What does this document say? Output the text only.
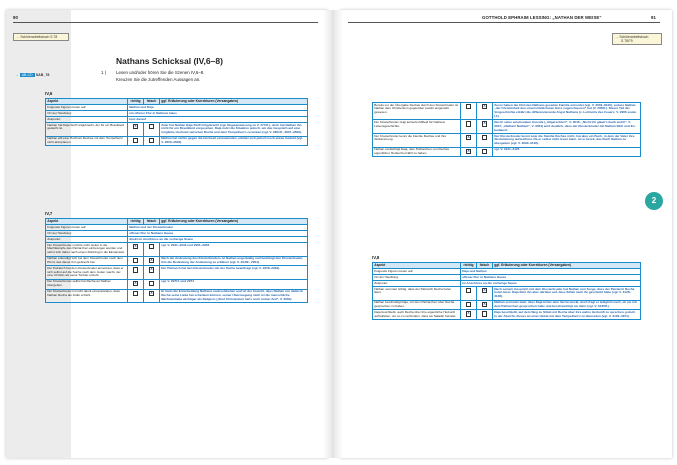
90	GOTTHOLD EPHRAIM LESSING: „NATHAN DER WEISE“	91
→ Schülerarbeitsbuch S.78	→ Schülerarbeitsbuch
S.78/79
→ AB-CD SAB_78
Nathans Schicksal (IV,6–8)
1 | Lesen und/oder hören Sie die Szenen IV,6–8.
Kreuzen Sie die zutreffenden Aussagen an.
IV,6
Aspekt	richtig	falsch	ggf. Erläuterung oder Korrekturen (Versangaben)
Folgende Figuren treten auf:	Nathan und Daja		
Ort der Handlung:	ein offener Flur in Nathans Haus		
Zeitpunkt:	kurz darauf		
Nathan hat Daja Stoff mitgebracht, der für ein Brautkleid gedacht ist.	X		Zwar hat Nathan Daja Stoff mitgebracht (vgl. Regieanweisung zu V. 2774f.), doch hat Nathan ihn nicht für ein Brautkleid vorgesehen. Daja nutzt die Situation jedoch, um das Gespräch auf eine mögliche Hochzeit zwischen Recha und dem Tempelherrn zu lenken (vgl. V. 2801ff., 2807–2809).
Nathan will eine Hochzeit Rechas mit dem Tempelherrn nicht akzeptieren.			Nathan hat nichts gegen die Hochzeit einzuwenden, erbittet sich jedoch noch etwas Geduld (vgl. V. 2809–2820).
IV,7
Aspekt	richtig	falsch	ggf. Erläuterung oder Korrekturen (Versangaben)
Folgende Figuren treten auf:	Nathan und der Klosterbruder		
Ort der Handlung:	offener Flur in Nathans Hause		
Zeitpunkt:	direkt im Anschluss an die vorherige Szene		
Der Klosterbruder möchte nicht weiter in die Machtkämpfe des Patriarchen einbezogen werden und sehnt sich daher nach einem Rückzug in die Einsamkeit.	X		vgl. V. 2941–2943 und 2951–2953
Nathan erkundigt sich bei dem Klosterbruder nach dem Pferd, das dieser ihm gebracht hat.		X	Nach der Andeutung des Klosterbruders ist Nathan ungeduldig und bedrängt den Klosterbruder, ihm die Bedeutung der Andeutung zu erklären (vgl. V. 2940f., 2954).
Der Patriarch hat dem Klosterbruder anvertraut, dass er sich selbst auf die Suche nach dem Juden macht, der eine Christin als seine Tochter erzieht.		X	Der Patriarch hat den Klosterbruder mit der Suche beauftragt (vgl. V. 2958–2962).
Der Klosterbruder selbst hat Recha an Nathan übergeben.	X		vgl. V. 2971f. und 2974
Der Klosterbruder ist nicht damit einverstanden, dass Nathan Recha als Jüdin erzieht.		X	Er kann die Entscheidung Nathans nachvollziehen und ist der Ansicht, dass Nathan nur dadurch Recha seine Liebe hat schenken können, seiner Überzeugung nach ist die menschliche Nächstenliebe wichtiger als Religion („Sind Christentum hat's noch immer Zeit“, V. 3061).
Bereits vor der Übergabe Rechas durch den Klosterbruder ist Nathan dem Christentum gegenüber positiv eingestellt gewesen.		X	Zuvor haben die Christen Nathans gesamte Familie ermordet (vgl. V. 3039–3046), sodass Nathan „der Christenheit den unversöhnlichsten Hass zugeschworen“ hat (V. 3050f.). Dieser Teil der Vorgeschichte erklärt die differenzierende Angst Nathans (z. Leitmotiv des Feuers; V. 2966 sowie I,1).
Der Klosterbruder zeigt keinerlei Mitleid für Nathans Lebensgeschichte.		X	Durch seine emotionalen Ausrufe („Allgerechter!“, V. 3046; „Nicht Ich glaub's Euch wohl!“, V. 3047; „Nathan! Nathan!“, V. 3064) wird deutlich, dass der Klosterbruder mit Nathan fühlt und ihn bedauert.
Der Klosterbruder kennt die Familie Rechas und ihre Abstammung.	X		Der Klosterbruder kennt zwar die Familie Rechas nicht, hat aber ein Buch, in dem der Vater ihre Abstammung aufzeichnet. Da er selbst nicht lesen kann, ist er bereit, das Buch Nathan zu übergeben (vgl. V. 3090–3118).
Nathan verdächtigt Daja, dem Patriarchen von Rechas eigentlicher Herkunft erzählt zu haben.	X		vgl. V. 3121–3125
IV,8
Aspekt	richtig	falsch	ggf. Erläuterung oder Korrekturen (Versangaben)
Folgende Figuren treten auf:	Daja und Nathan		
Ort der Handlung:	offener Flur in Nathans Hause		
Zeitpunkt:	im Anschluss an die vorherige Szene		
Nathan vermutet richtig, dass der Patriarch Recha holen lässt.		X	Nach seinem Gespräch mit dem Klosterbruder hat Nathan nun Sorge, dass der Patriarch Recha holen lässt. Daja klärt ihn aber darüber auf, dass Sittah nach ihr geschickt habe (vgl. V. 3128–3138).
Nathan beschuldigt Daja, mit dem Patriarchen über Recha gesprochen zu haben.		X	Nathan vermutet zwar, dass Daja hinter dem Verrat steckt, doch fragt er lediglich nach, ob sie mit dem Patriarchen gesprochen habe und beschwichtigt sie dann (vgl. V. 3136ff.).
Daja beschließt, auch Recha über ihre eigentliche Herkunft aufzuklären, um so zu verhindern, dass sie Saladin heiratet.	X		Daja beschließt, auf dem Weg zu Sittah mit Recha über ihre wahre Herkunft zu sprechen, jedoch in der Absicht, dieses an einer Heirat mit dem Tempelherrn zu überreden (vgl. V. 3139–3151).
2
